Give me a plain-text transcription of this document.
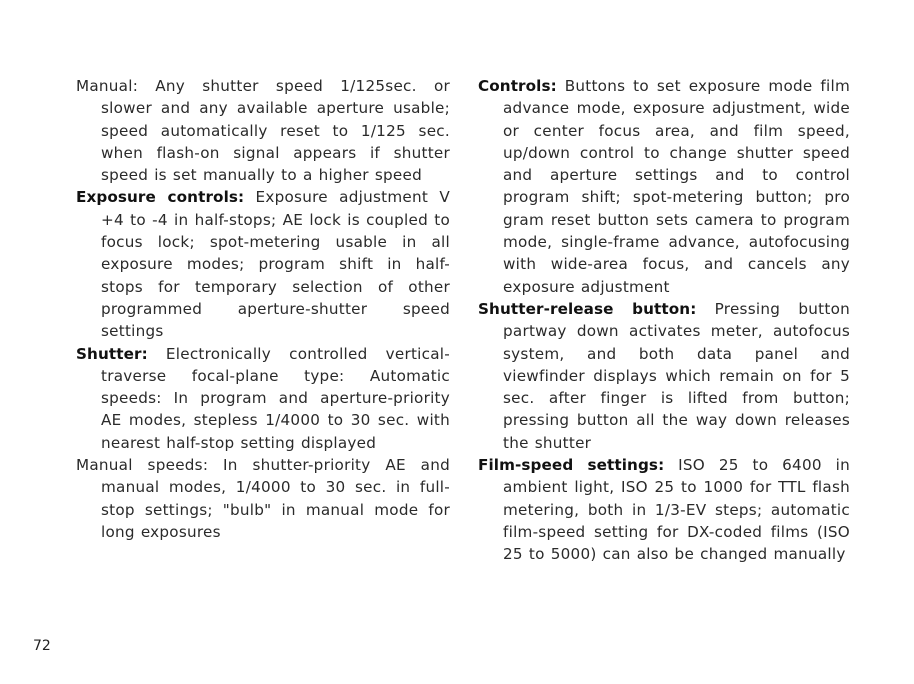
Manual: Any shutter speed 1/125sec. or slower and any available aperture usable; speed automatically reset to 1/125 sec. when flash-on signal appears if shutter speed is set manually to a higher speed

Exposure controls: Exposure adjustment V +4 to -4 in half-stops; AE lock is coupled to focus lock; spot-metering usable in all exposure modes; program shift in half-stops for temporary selection of other programmed aperture-shutter speed settings

Shutter: Electronically controlled vertical-traverse focal-plane type: Automatic speeds: In program and aperture-priority AE modes, stepless 1/4000 to 30 sec. with nearest half-stop setting displayed

Manual speeds: In shutter-priority AE and manual modes, 1/4000 to 30 sec. in full-stop settings; "bulb" in manual mode for long exposures

Controls: Buttons to set exposure mode film advance mode, exposure adjustment, wide or center focus area, and film speed, up/down control to change shutter speed and aperture settings and to control program shift; spot-metering button; pro gram reset button sets camera to program mode, single-frame advance, autofocusing with wide-area focus, and cancels any exposure adjustment

Shutter-release button: Pressing button partway down activates meter, autofocus system, and both data panel and viewfinder displays which remain on for 5 sec. after finger is lifted from button; pressing button all the way down releases the shutter

Film-speed settings: ISO 25 to 6400 in ambient light, ISO 25 to 1000 for TTL flash metering, both in 1/3-EV steps; automatic film-speed setting for DX-coded films (ISO 25 to 5000) can also be changed manually

72
